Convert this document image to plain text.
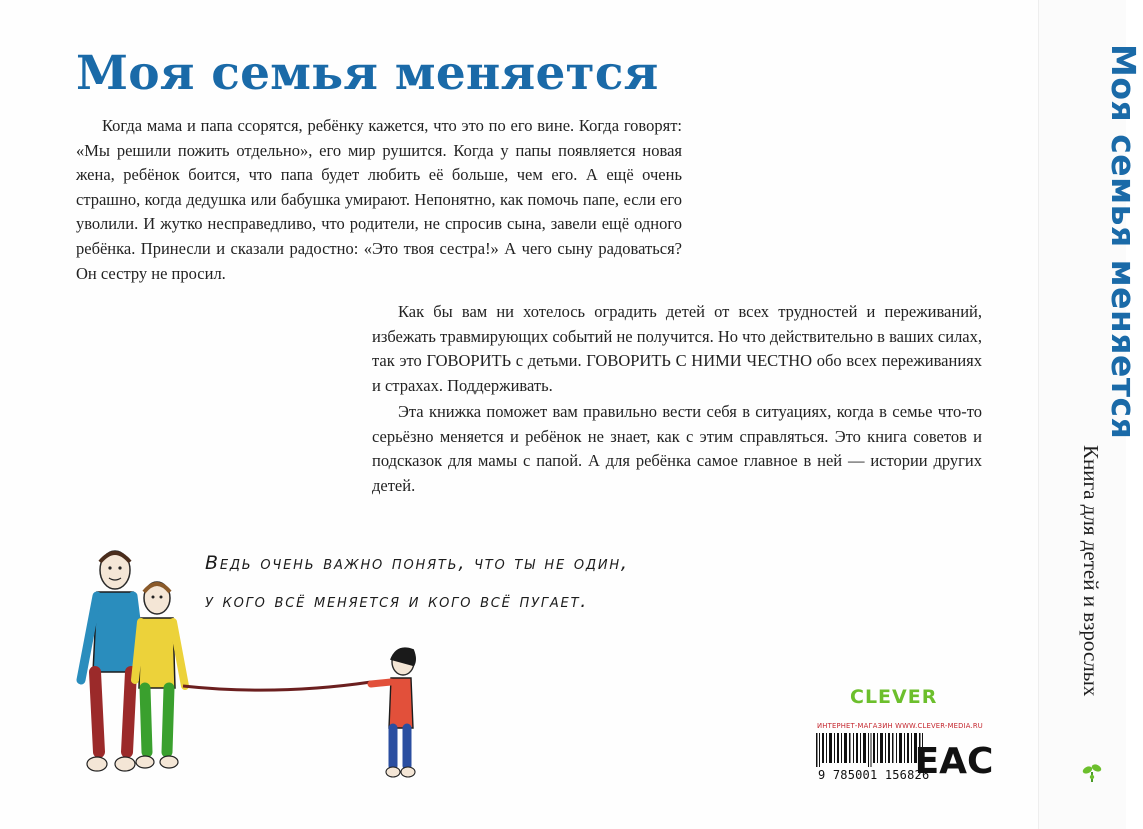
Моя семья меняется

Когда мама и папа ссорятся, ребёнку кажется, что это по его вине. Когда говорят: «Мы решили пожить отдельно», его мир рушится. Когда у папы появляется новая жена, ребёнок боится, что папа будет любить её больше, чем его. А ещё очень страшно, когда дедушка или бабушка умирают. Непонятно, как помочь папе, если его уволили. И жутко несправедливо, что родители, не спросив сына, завели ещё одного ребёнка. Принесли и сказали радостно: «Это твоя сестра!» А чего сыну радоваться? Он сестру не просил.

Как бы вам ни хотелось оградить детей от всех трудностей и переживаний, избежать травмирующих событий не получится. Но что действительно в ваших силах, так это ГОВОРИТЬ с детьми. ГОВОРИТЬ С НИМИ ЧЕСТНО обо всех переживаниях и страхах. Поддерживать.

Эта книжка поможет вам правильно вести себя в ситуациях, когда в семье что-то серьёзно меняется и ребёнок не знает, как с этим справляться. Это книга советов и подсказок для мамы с папой. А для ребёнка самое главное в ней — истории других детей.

Ведь очень важно понять, что ты не один,

у кого всё меняется и кого всё пугает.

CLEVER

ИНТЕРНЕТ-МАГАЗИН WWW.CLEVER-MEDIA.RU

9 785001 156826

EAC

Моя семья меняется

Книга для детей и взрослых
